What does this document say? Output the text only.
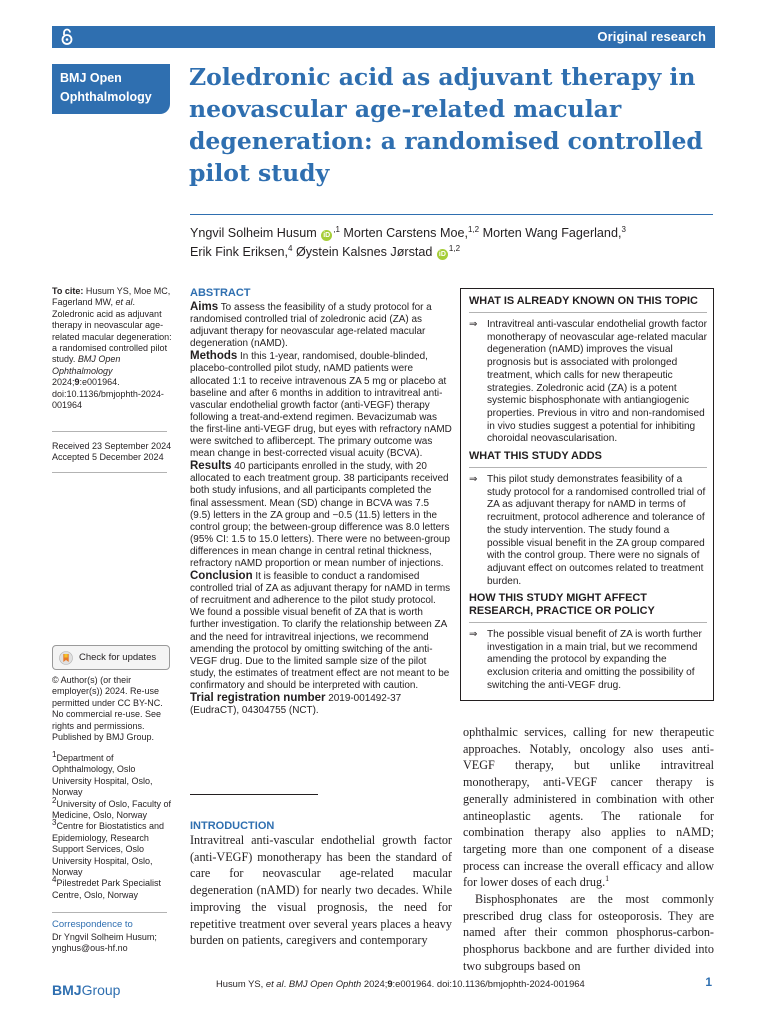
Original research
BMJ Open
Ophthalmology
Zoledronic acid as adjuvant therapy in neovascular age-related macular degeneration: a randomised controlled pilot study
Yngvil Solheim Husum $iD^{,1}$ Morten Carstens Moe,$^{1,2}$ Morten Wang Fagerland,$^3$
Erik Fink Eriksen,$^4$ Øystein Kalsnes Jørstad iD$^{1,2}$
To cite: Husum YS, Moe MC, Fagerland MW, et al. Zoledronic acid as adjuvant therapy in neovascular age-related macular degeneration: a randomised controlled pilot study. BMJ Open Ophthalmology 2024;9:e001964. doi:10.1136/bmjophth-2024-001964
Received 23 September 2024
Accepted 5 December 2024
Check for updates
© Author(s) (or their employer(s)) 2024. Re-use permitted under CC BY-NC. No commercial re-use. See rights and permissions. Published by BMJ Group.
$^1$Department of Ophthalmology, Oslo University Hospital, Oslo, Norway
$^2$University of Oslo, Faculty of Medicine, Oslo, Norway
$^3$Centre for Biostatistics and Epidemiology, Research Support Services, Oslo University Hospital, Oslo, Norway
$^4$Pilestredet Park Specialist Centre, Oslo, Norway
Correspondence to
Dr Yngvil Solheim Husum;
ynghus@ous-hf.no
ABSTRACT

Aims To assess the feasibility of a study protocol for a randomised controlled trial of zoledronic acid (ZA) as adjuvant therapy for neovascular age-related macular degeneration (nAMD).

Methods In this 1-year, randomised, double-blinded, placebo-controlled pilot study, nAMD patients were allocated 1:1 to receive intravenous ZA 5 mg or placebo at baseline and after 6 months in addition to intravitreal anti-vascular endothelial growth factor (anti-VEGF) therapy following a treat-and-extend regimen. Bevacizumab was the first-line anti-VEGF drug, but eyes with refractory nAMD were switched to aflibercept. The primary outcome was mean change in best-corrected visual acuity (BCVA).

Results 40 participants enrolled in the study, with 20 allocated to each treatment group. 38 participants received both study infusions, and all participants completed the final assessment. Mean (SD) change in BCVA was 7.5 (9.5) letters in the ZA group and −0.5 (11.5) letters in the control group; the between-group difference was 8.0 letters (95% CI: 1.5 to 15.0 letters). There were no between-group differences in mean change in central retinal thickness, refractory nAMD proportion or mean number of injections.

Conclusion It is feasible to conduct a randomised controlled trial of ZA as adjuvant therapy for nAMD in terms of recruitment and adherence to the pilot study protocol. We found a possible visual benefit of ZA that is worth further investigation. To clarify the relationship between ZA and the need for intravitreal injections, we recommend amending the protocol by omitting switching of the anti-VEGF drug. Due to the limited sample size of the pilot study, the estimates of treatment effect are not meant to be confirmatory and should be interpreted with caution.

Trial registration number 2019-001492-37 (EudraCT), 04304755 (NCT).

WHAT IS ALREADY KNOWN ON THIS TOPIC
⇒ Intravitreal anti-vascular endothelial growth factor monotherapy of neovascular age-related macular degeneration (nAMD) improves the visual prognosis but is associated with prolonged treatment, which calls for new therapeutic strategies. Zoledronic acid (ZA) is a potent systemic bisphosphonate with antiangiogenic properties. Previous in vitro and non-randomised in vivo studies suggest a potential for inhibiting choroidal neovascularisation.
WHAT THIS STUDY ADDS
⇒ This pilot study demonstrates feasibility of a study protocol for a randomised controlled trial of ZA as adjuvant therapy for nAMD in terms of recruitment, protocol adherence and tolerance of the study intervention. The study found a possible visual benefit in the ZA group compared with the control group. There were no signals of adjuvant effect on outcomes related to treatment burden.
HOW THIS STUDY MIGHT AFFECT RESEARCH, PRACTICE OR POLICY
⇒ The possible visual benefit of ZA is worth further investigation in a main trial, but we recommend amending the protocol by expanding the exclusion criteria and omitting the possibility of switching the anti-VEGF drug.
INTRODUCTION
Intravitreal anti-vascular endothelial growth factor (anti-VEGF) monotherapy has been the standard of care for neovascular age-related macular degeneration (nAMD) for nearly two decades. While improving the visual prognosis, the need for repetitive treatment over several years places a heavy burden on patients, caregivers and contemporary

ophthalmic services, calling for new therapeutic approaches. Notably, oncology also uses anti-VEGF therapy, but unlike intravitreal monotherapy, anti-VEGF cancer therapy is generally administered in combination with other antineoplastic agents. The rationale for combination therapy also applies to nAMD; targeting more than one component of a disease process can increase the overall efficacy and allow for lower doses of each drug.$^1$

Bisphosphonates are the most commonly prescribed drug class for osteoporosis. They are named after their common phosphorus-carbon-phosphorus backbone and are further divided into two subgroups based on

BMJGroup	Husum YS, et al. BMJ Open Ophth 2024;9:e001964. doi:10.1136/bmjophth-2024-001964	1
